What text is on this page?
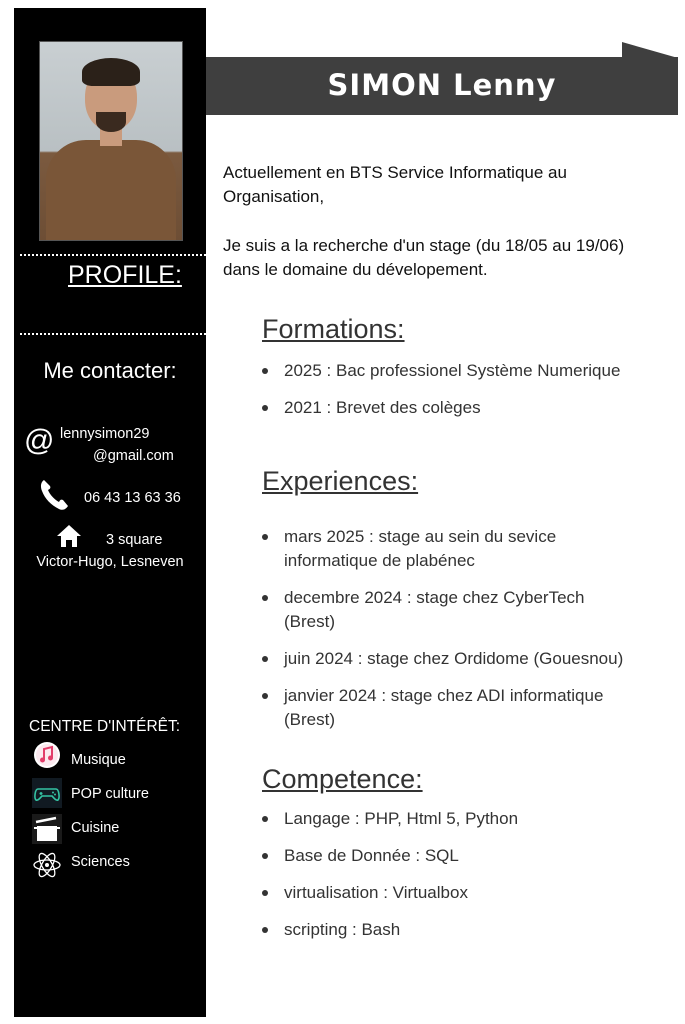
PROFILE:
Me contacter:
@ lennysimon29
@gmail.com
06 43 13 63 36
3 square
Victor-Hugo, Lesneven
CENTRE D'INTÉRÊT:
Musique
POP culture
Cuisine
Sciences
SIMON Lenny

Actuellement en BTS Service Informatique au

Organisation,

Je suis a la recherche d'un stage (du 18/05 au 19/06)

dans le domaine du dévelopement.

Formations:
2025 : Bac professionel Système Numerique
2021 : Brevet des colèges
Experiences:
mars 2025 : stage au sein du sevice
informatique de plabénec
decembre 2024 : stage chez CyberTech
(Brest)
juin 2024 : stage chez Ordidome (Gouesnou)
janvier 2024 : stage chez ADI informatique
(Brest)
Competence:
Langage : PHP, Html 5, Python
Base de Donnée : SQL
virtualisation : Virtualbox
scripting : Bash
